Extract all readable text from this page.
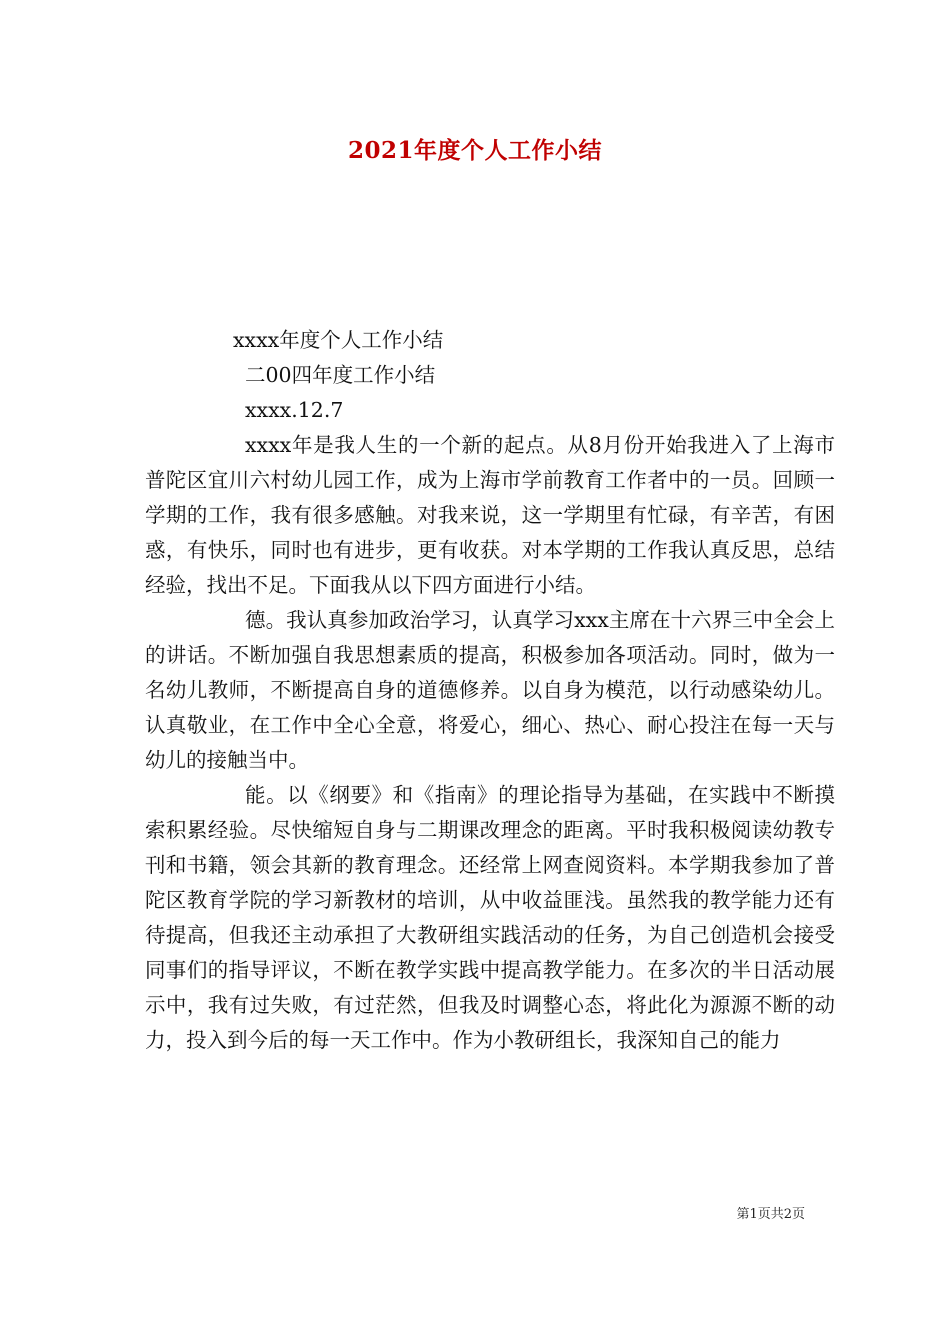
2021年度个人工作小结

xxxx年度个人工作小结

二00四年度工作小结

xxxx.12.7

xxxx年是我人生的一个新的起点。从8月份开始我进入了上海市普陀区宜川六村幼儿园工作，成为上海市学前教育工作者中的一员。回顾一学期的工作，我有很多感触。对我来说，这一学期里有忙碌，有辛苦，有困惑，有快乐，同时也有进步，更有收获。对本学期的工作我认真反思，总结经验，找出不足。下面我从以下四方面进行小结。

德。我认真参加政治学习，认真学习xxx主席在十六界三中全会上的讲话。不断加强自我思想素质的提高，积极参加各项活动。同时，做为一名幼儿教师，不断提高自身的道德修养。以自身为模范，以行动感染幼儿。认真敬业，在工作中全心全意，将爱心，细心、热心、耐心投注在每一天与幼儿的接触当中。

能。以《纲要》和《指南》的理论指导为基础，在实践中不断摸索积累经验。尽快缩短自身与二期课改理念的距离。平时我积极阅读幼教专刊和书籍，领会其新的教育理念。还经常上网查阅资料。本学期我参加了普陀区教育学院的学习新教材的培训，从中收益匪浅。虽然我的教学能力还有待提高，但我还主动承担了大教研组实践活动的任务，为自己创造机会接受同事们的指导评议，不断在教学实践中提高教学能力。在多次的半日活动展示中，我有过失败，有过茫然，但我及时调整心态，将此化为源源不断的动力，投入到今后的每一天工作中。作为小教研组长，我深知自己的能力

第1页共2页
